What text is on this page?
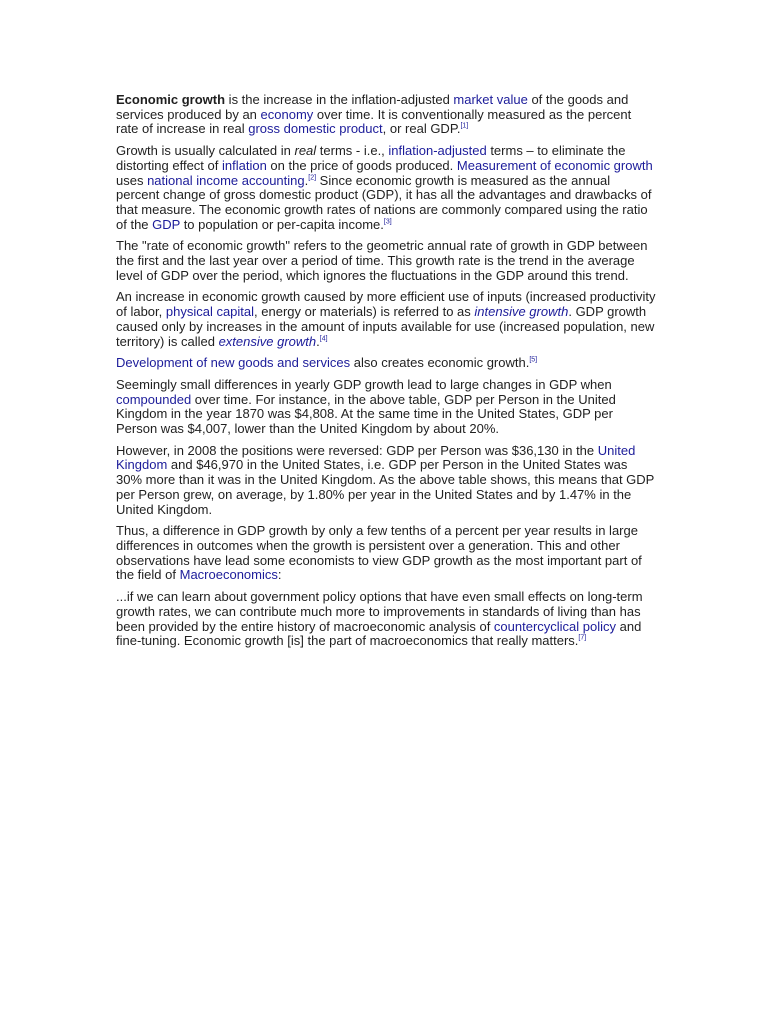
Economic growth is the increase in the inflation-adjusted market value of the goods and services produced by an economy over time. It is conventionally measured as the percent rate of increase in real gross domestic product, or real GDP.[1]

Growth is usually calculated in real terms - i.e., inflation-adjusted terms – to eliminate the distorting effect of inflation on the price of goods produced. Measurement of economic growth uses national income accounting.[2] Since economic growth is measured as the annual percent change of gross domestic product (GDP), it has all the advantages and drawbacks of that measure. The economic growth rates of nations are commonly compared using the ratio of the GDP to population or per-capita income.[3]

The "rate of economic growth" refers to the geometric annual rate of growth in GDP between the first and the last year over a period of time. This growth rate is the trend in the average level of GDP over the period, which ignores the fluctuations in the GDP around this trend.

An increase in economic growth caused by more efficient use of inputs (increased productivity of labor, physical capital, energy or materials) is referred to as intensive growth. GDP growth caused only by increases in the amount of inputs available for use (increased population, new territory) is called extensive growth.[4]

Development of new goods and services also creates economic growth.[5]

Seemingly small differences in yearly GDP growth lead to large changes in GDP when compounded over time. For instance, in the above table, GDP per Person in the United Kingdom in the year 1870 was $4,808. At the same time in the United States, GDP per Person was $4,007, lower than the United Kingdom by about 20%.

However, in 2008 the positions were reversed: GDP per Person was $36,130 in the United Kingdom and $46,970 in the United States, i.e. GDP per Person in the United States was 30% more than it was in the United Kingdom. As the above table shows, this means that GDP per Person grew, on average, by 1.80% per year in the United States and by 1.47% in the United Kingdom.

Thus, a difference in GDP growth by only a few tenths of a percent per year results in large differences in outcomes when the growth is persistent over a generation. This and other observations have lead some economists to view GDP growth as the most important part of the field of Macroeconomics:

...if we can learn about government policy options that have even small effects on long-term growth rates, we can contribute much more to improvements in standards of living than has been provided by the entire history of macroeconomic analysis of countercyclical policy and fine-tuning. Economic growth [is] the part of macroeconomics that really matters.[7]
